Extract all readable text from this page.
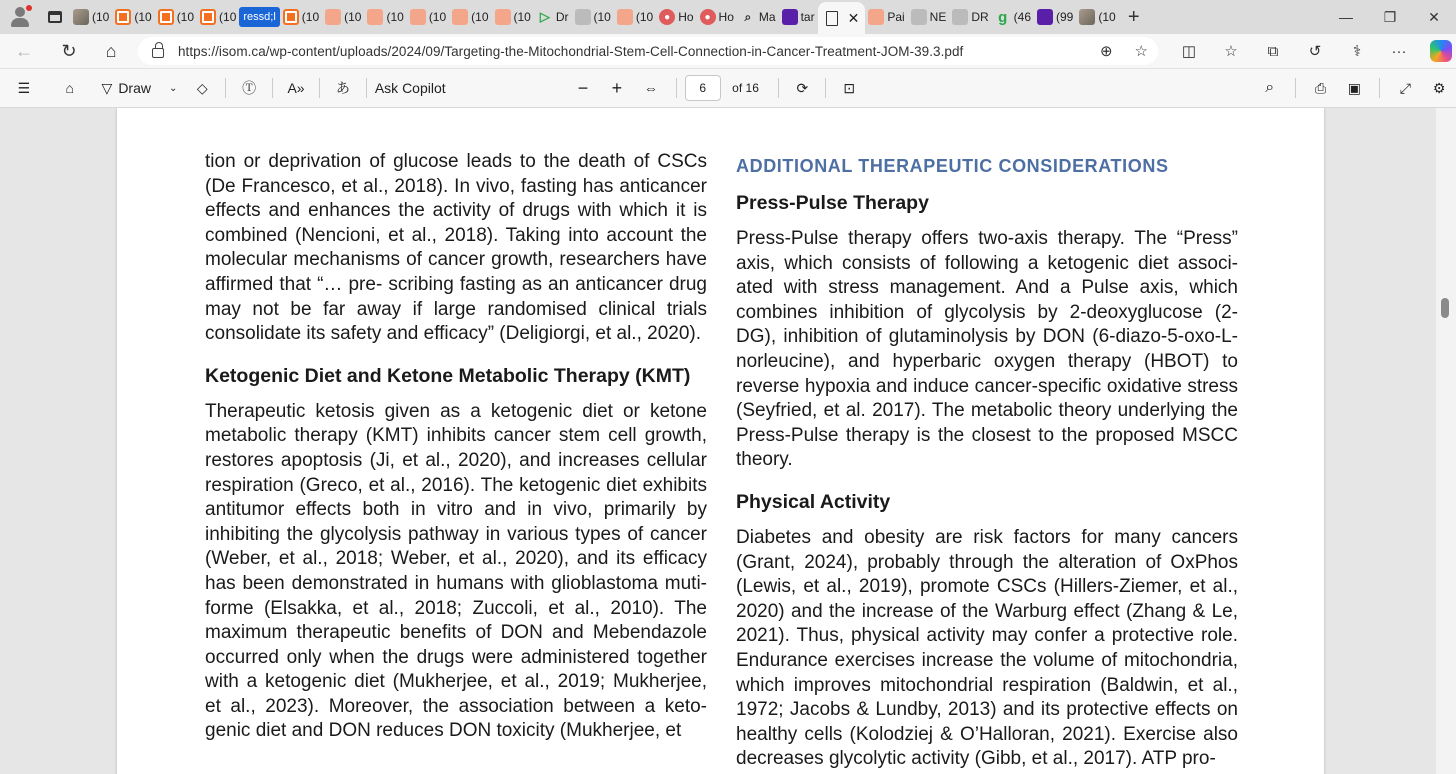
(10 (10 (10 (10 ressd;l (10 (10 (10 (10 (10 (10 ▷ Dr (10 (10	● Ho	● Ho ⌕ Ma tar ✕ Pai NE DR g (46 (99 (10 +	—	❐	✕
←	↻	⌂	https://isom.ca/wp-content/uploads/2024/09/Targeting-the-Mitochondrial-Stem-Cell-Connection-in-Cancer-Treatment-JOM-39.3.pdf	⊕ ☆	◫	☆	⧉	↺	⚕	···
☰	⌂	▽ Draw ⌄	◇	Ⓣ	A»	あ	Ask Copilot	−	+	⇔	6	of 16	⟳	⊡	⌕	⎙	▣	⤢	⚙

tion or deprivation of glucose leads to the death of CSCs (De Francesco, et al., 2018). In vivo, fasting has anticancer effects and enhances the activity of drugs with which it is combined (Nencioni, et al., 2018). Taking into account the molecular mechanisms of cancer growth, researchers have affirmed that “… pre- scribing fasting as an anticancer drug may not be far away if large randomised clinical trials consolidate its safety and efficacy” (Deligiorgi, et al., 2020).

Ketogenic Diet and Ketone Metabolic Therapy (KMT)

Therapeutic ketosis given as a ketogenic diet or ketone metabolic therapy (KMT) inhibits cancer stem cell growth, restores apoptosis (Ji, et al., 2020), and increases cellular respiration (Greco, et al., 2016). The ketogenic diet exhibits antitumor effects both in vitro and in vivo, primarily by inhibiting the glycolysis pathway in various types of cancer (Weber, et al., 2018; Weber, et al., 2020), and its efficacy has been demonstrated in humans with glioblastoma muti- forme (Elsakka, et al., 2018; Zuccoli, et al., 2010). The maximum therapeutic benefits of DON and Mebendazole occurred only when the drugs were administered together with a ketogenic diet (Mukherjee, et al., 2019; Mukherjee, et al., 2023). Moreover, the association between a keto- genic diet and DON reduces DON toxicity (Mukherjee, et

ADDITIONAL THERAPEUTIC CONSIDERATIONS
Press-Pulse Therapy

Press-Pulse therapy offers two-axis therapy. The “Press” axis, which consists of following a ketogenic diet associ- ated with stress management. And a Pulse axis, which combines inhibition of glycolysis by 2-deoxyglucose (2- DG), inhibition of glutaminolysis by DON (6-diazo-5-oxo-L- norleucine), and hyperbaric oxygen therapy (HBOT) to reverse hypoxia and induce cancer-specific oxidative stress (Seyfried, et al. 2017). The metabolic theory underlying the Press-Pulse therapy is the closest to the proposed MSCC theory.

Physical Activity

Diabetes and obesity are risk factors for many cancers (Grant, 2024), probably through the alteration of OxPhos (Lewis, et al., 2019), promote CSCs (Hillers-Ziemer, et al., 2020) and the increase of the Warburg effect (Zhang & Le, 2021). Thus, physical activity may confer a protective role. Endurance exercises increase the volume of mitochondria, which improves mitochondrial respiration (Baldwin, et al., 1972; Jacobs & Lundby, 2013) and its protective effects on healthy cells (Kolodziej & O’Halloran, 2021). Exercise also decreases glycolytic activity (Gibb, et al., 2017). ATP pro-
